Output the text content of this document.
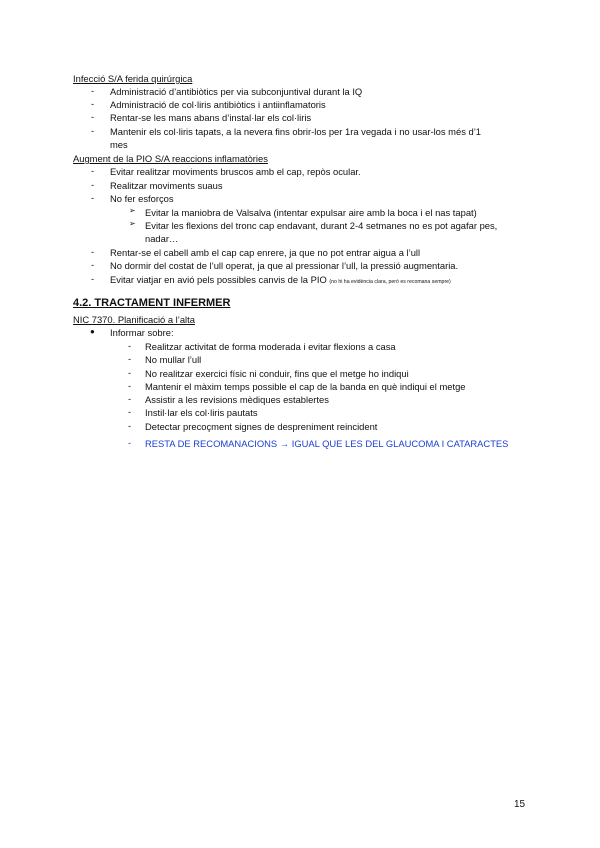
Infecció S/A ferida quirúrgica
- Administració d’antibiòtics per via subconjuntival durant la IQ
- Administració de col·liris antibiòtics i antiinflamatoris
- Rentar-se les mans abans d’instal·lar els col·liris
- Mantenir els col·liris tapats, a la nevera fins obrir-los per 1ra vegada i no usar-los més d’1
mes
Augment de la PIO S/A reaccions inflamatòries
- Evitar realitzar moviments bruscos amb el cap, repòs ocular.
- Realitzar moviments suaus
- No fer esforços
➢ Evitar la maniobra de Valsalva (intentar expulsar aire amb la boca i el nas tapat)
➢ Evitar les flexions del tronc cap endavant, durant 2-4 setmanes no es pot agafar pes,
nadar…
- Rentar-se el cabell amb el cap cap enrere, ja que no pot entrar aigua a l’ull
- No dormir del costat de l’ull operat, ja que al pressionar l’ull, la pressió augmentaria.
- Evitar viatjar en avió pels possibles canvis de la PIO (no hi ha evidència clara, però es recomana sempre)
4.2. TRACTAMENT INFERMER
NIC 7370. Planificació a l’alta
● Informar sobre:
- Realitzar activitat de forma moderada i evitar flexions a casa
- No mullar l’ull
- No realitzar exercici físic ni conduir, fins que el metge ho indiqui
- Mantenir el màxim temps possible el cap de la banda en què indiqui el metge
- Assistir a les revisions mèdiques establertes
- Instil·lar els col·liris pautats
- Detectar precoçment signes de despreniment reincident
- RESTA DE RECOMANACIONS → IGUAL QUE LES DEL GLAUCOMA I CATARACTES
15
